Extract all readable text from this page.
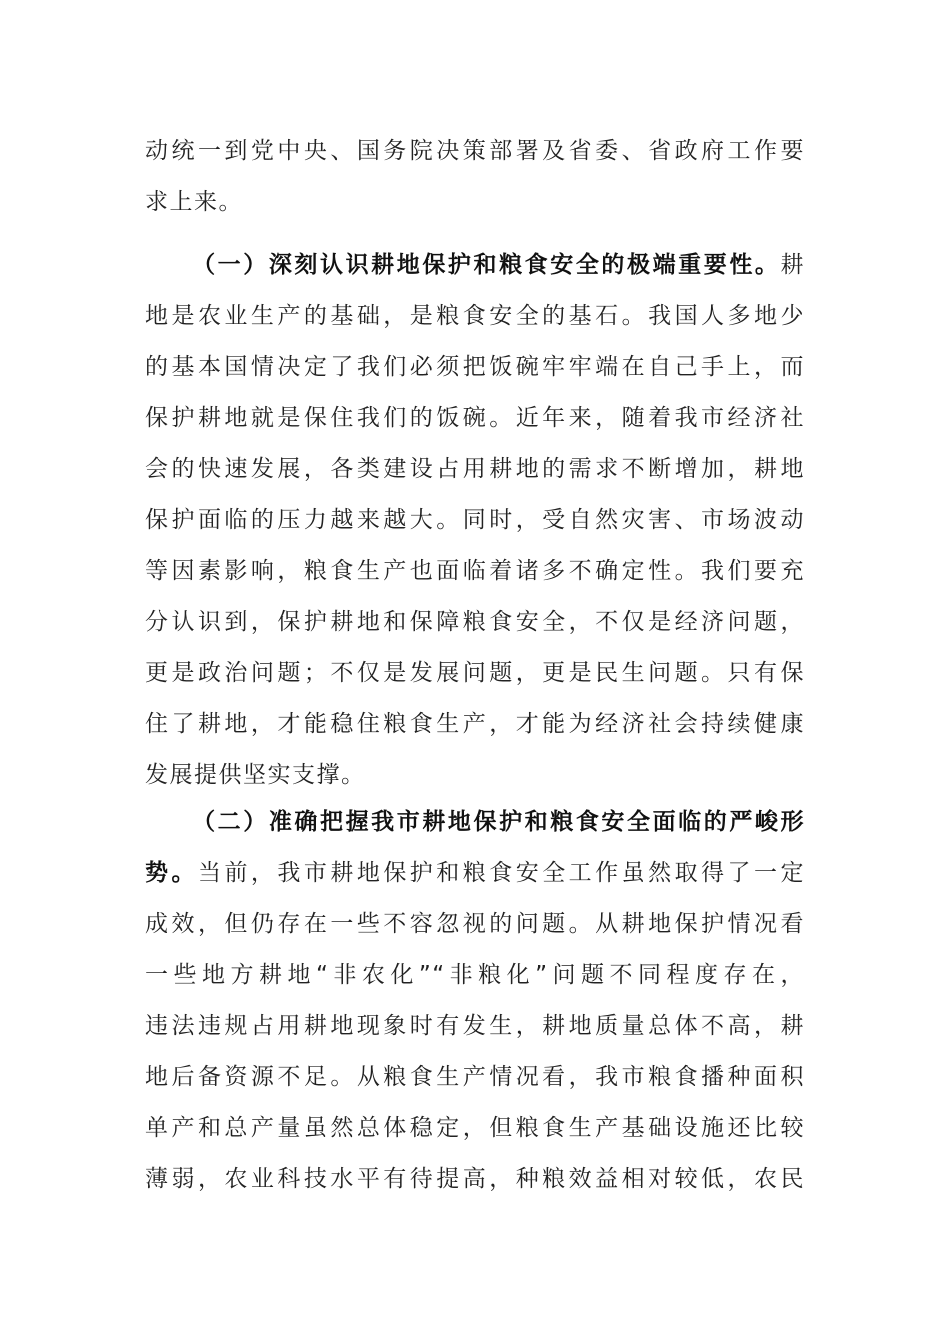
动统一到党中央、国务院决策部署及省委、省政府工作要
求上来。
（一）深刻认识耕地保护和粮食安全的极端重要性。耕
地是农业生产的基础，是粮食安全的基石。我国人多地少
的基本国情决定了我们必须把饭碗牢牢端在自己手上，而
保护耕地就是保住我们的饭碗。近年来，随着我市经济社
会的快速发展，各类建设占用耕地的需求不断增加，耕地
保护面临的压力越来越大。同时，受自然灾害、市场波动
等因素影响，粮食生产也面临着诸多不确定性。我们要充
分认识到，保护耕地和保障粮食安全，不仅是经济问题，
更是政治问题；不仅是发展问题，更是民生问题。只有保
住了耕地，才能稳住粮食生产，才能为经济社会持续健康
发展提供坚实支撑。
（二）准确把握我市耕地保护和粮食安全面临的严峻形
势。当前，我市耕地保护和粮食安全工作虽然取得了一定
成效，但仍存在一些不容忽视的问题。从耕地保护情况看
一些地方耕地“非农化”“非粮化”问题不同程度存在，
违法违规占用耕地现象时有发生，耕地质量总体不高，耕
地后备资源不足。从粮食生产情况看，我市粮食播种面积
单产和总产量虽然总体稳定，但粮食生产基础设施还比较
薄弱，农业科技水平有待提高，种粮效益相对较低，农民
